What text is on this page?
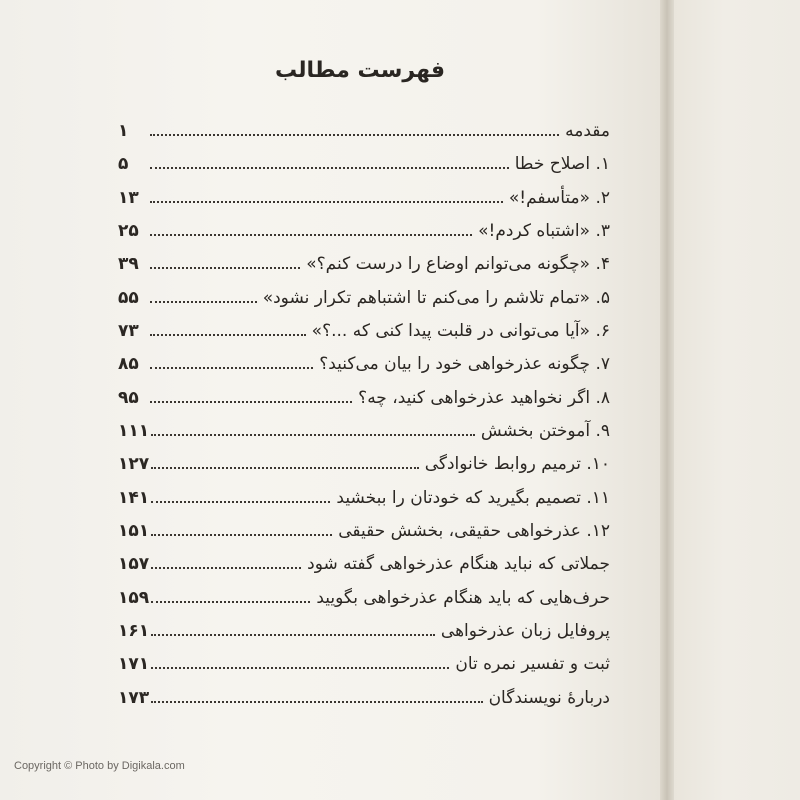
فهرست مطالب
مقدمه
۱
۱. اصلاح خطا
۵
۲. «متأسفم!»
۱۳
۳. «اشتباه کردم!»
۲۵
۴. «چگونه می‌توانم اوضاع را درست کنم؟»
۳۹
۵. «تمام تلاشم را می‌کنم تا اشتباهم تکرار نشود»
۵۵
۶. «آیا می‌توانی در قلبت پیدا کنی که ...؟»
۷۳
۷. چگونه عذرخواهی خود را بیان می‌کنید؟
۸۵
۸. اگر نخواهید عذرخواهی کنید، چه؟
۹۵
۹. آموختن بخشش
۱۱۱
۱۰. ترمیم روابط خانوادگی
۱۲۷
۱۱. تصمیم بگیرید که خودتان را ببخشید
۱۴۱
۱۲. عذرخواهی حقیقی، بخشش حقیقی
۱۵۱
جملاتی که نباید هنگام عذرخواهی گفته شود
۱۵۷
حرف‌هایی که باید هنگام عذرخواهی بگویید
۱۵۹
پروفایل زبان عذرخواهی
۱۶۱
ثبت و تفسیر نمره تان
۱۷۱
دربارهٔ نویسندگان
۱۷۳
Copyright © Photo by Digikala.com
